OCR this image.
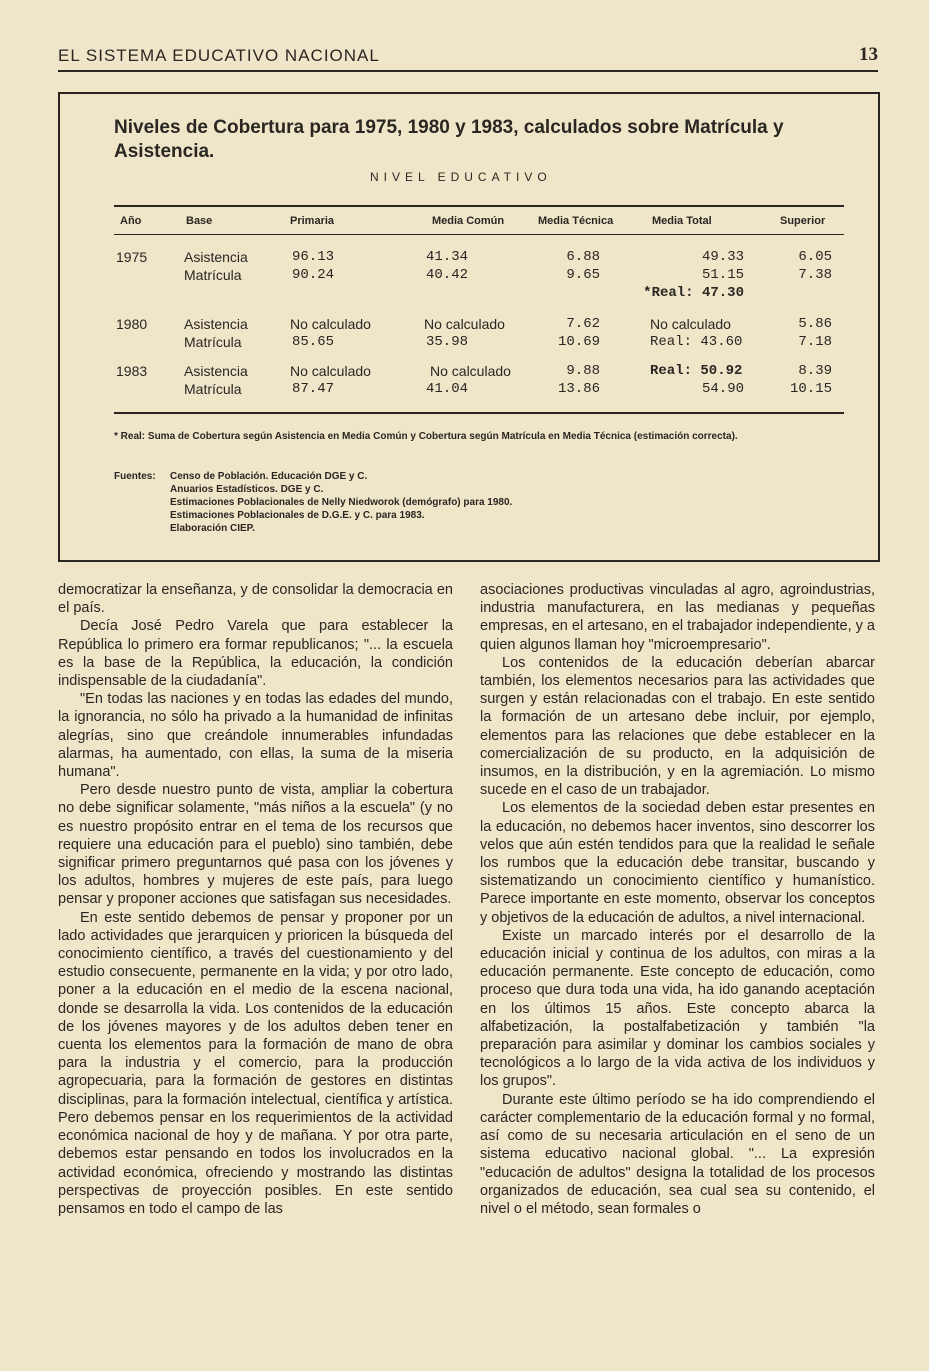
EL SISTEMA EDUCATIVO NACIONAL	13
Niveles de Cobertura para 1975, 1980 y 1983, calculados sobre Matrícula y Asistencia.
NIVEL EDUCATIVO
Año	Base	Primaria	Media Común	Media Técnica	Media Total	Superior
1975	Asistencia	96.13	41.34	6.88	49.33	6.05
Matrícula	90.24	40.42	9.65	51.15	7.38
*Real: 47.30
1980	Asistencia	No calculado	No calculado	7.62	No calculado	5.86
Matrícula	85.65	35.98	10.69	Real: 43.60	7.18
1983	Asistencia	No calculado	No calculado	9.88	Real: 50.92	8.39
Matrícula	87.47	41.04	13.86	54.90	10.15
* Real: Suma de Cobertura según Asistencia en Media Común y Cobertura según Matrícula en Media Técnica (estimación correcta).
Fuentes: Censo de Población. Educación DGE y C.
Anuarios Estadísticos. DGE y C.
Estimaciones Poblacionales de Nelly Niedworok (demógrafo) para 1980.
Estimaciones Poblacionales de D.G.E. y C. para 1983.
Elaboración CIEP.

democratizar la enseñanza, y de consolidar la democracia en el país.

Decía José Pedro Varela que para establecer la República lo primero era formar republicanos; "... la escuela es la base de la República, la educación, la condición indispensable de la ciudadanía".

"En todas las naciones y en todas las edades del mundo, la ignorancia, no sólo ha privado a la humanidad de infinitas alegrías, sino que creándole innumerables infundadas alarmas, ha aumentado, con ellas, la suma de la miseria humana".

Pero desde nuestro punto de vista, ampliar la cobertura no debe significar solamente, "más niños a la escuela" (y no es nuestro propósito entrar en el tema de los recursos que requiere una educación para el pueblo) sino también, debe significar primero preguntarnos qué pasa con los jóvenes y los adultos, hombres y mujeres de este país, para luego pensar y proponer acciones que satisfagan sus necesidades.

En este sentido debemos de pensar y proponer por un lado actividades que jerarquicen y prioricen la búsqueda del conocimiento científico, a través del cuestionamiento y del estudio consecuente, permanente en la vida; y por otro lado, poner a la educación en el medio de la escena nacional, donde se desarrolla la vida. Los contenidos de la educación de los jóvenes mayores y de los adultos deben tener en cuenta los elementos para la formación de mano de obra para la industria y el comercio, para la producción agropecuaria, para la formación de gestores en distintas disciplinas, para la formación intelectual, científica y artística. Pero debemos pensar en los requerimientos de la actividad económica nacional de hoy y de mañana. Y por otra parte, debemos estar pensando en todos los involucrados en la actividad económica, ofreciendo y mostrando las distintas perspectivas de proyección posibles. En este sentido pensamos en todo el campo de las

asociaciones productivas vinculadas al agro, agroindustrias, industria manufacturera, en las medianas y pequeñas empresas, en el artesano, en el trabajador independiente, y a quien algunos llaman hoy "microempresario".

Los contenidos de la educación deberían abarcar también, los elementos necesarios para las actividades que surgen y están relacionadas con el trabajo. En este sentido la formación de un artesano debe incluir, por ejemplo, elementos para las relaciones que debe establecer en la comercialización de su producto, en la adquisición de insumos, en la distribución, y en la agremiación. Lo mismo sucede en el caso de un trabajador.

Los elementos de la sociedad deben estar presentes en la educación, no debemos hacer inventos, sino descorrer los velos que aún estén tendidos para que la realidad le señale los rumbos que la educación debe transitar, buscando y sistematizando un conocimiento científico y humanístico. Parece importante en este momento, observar los conceptos y objetivos de la educación de adultos, a nivel internacional.

Existe un marcado interés por el desarrollo de la educación inicial y continua de los adultos, con miras a la educación permanente. Este concepto de educación, como proceso que dura toda una vida, ha ido ganando aceptación en los últimos 15 años. Este concepto abarca la alfabetización, la postalfabetización y también "la preparación para asimilar y dominar los cambios sociales y tecnológicos a lo largo de la vida activa de los individuos y los grupos".

Durante este último período se ha ido comprendiendo el carácter complementario de la educación formal y no formal, así como de su necesaria articulación en el seno de un sistema educativo nacional global. "... La expresión "educación de adultos" designa la totalidad de los procesos organizados de educación, sea cual sea su contenido, el nivel o el método, sean formales o
